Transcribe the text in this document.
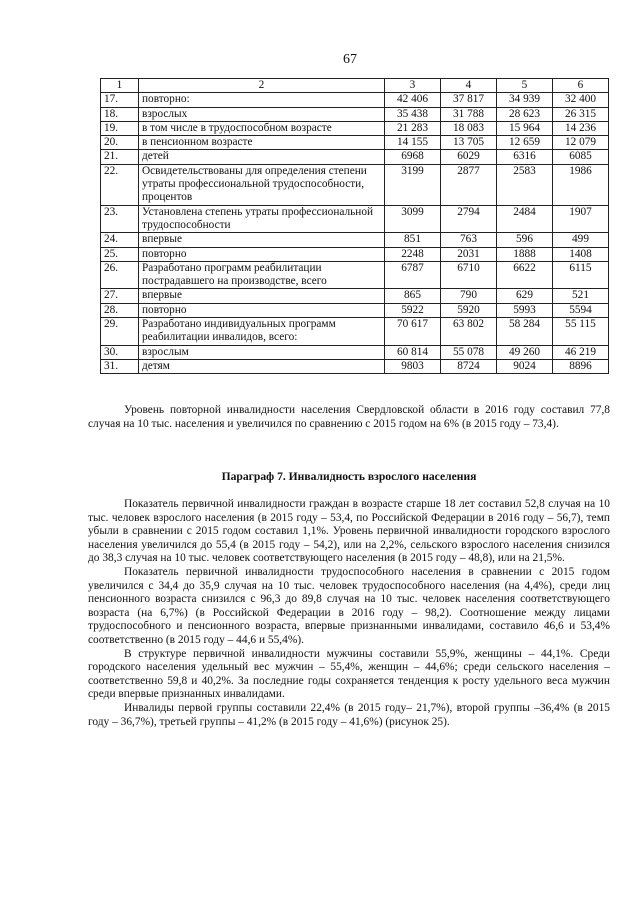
67
1	2	3	4	5	6
17.	повторно:	42 406	37 817	34 939	32 400
18.	взрослых	35 438	31 788	28 623	26 315
19.	в том числе в трудоспособном возрасте	21 283	18 083	15 964	14 236
20.	в пенсионном возрасте	14 155	13 705	12 659	12 079
21.	детей	6968	6029	6316	6085
22.	Освидетельствованы для определения степени утраты профессиональной трудоспособности, процентов	3199	2877	2583	1986
23.	Установлена степень утраты профессиональной трудоспособности	3099	2794	2484	1907
24.	впервые	851	763	596	499
25.	повторно	2248	2031	1888	1408
26.	Разработано программ реабилитации пострадавшего на производстве, всего	6787	6710	6622	6115
27.	впервые	865	790	629	521
28.	повторно	5922	5920	5993	5594
29.	Разработано индивидуальных программ реабилитации инвалидов, всего:	70 617	63 802	58 284	55 115
30.	взрослым	60 814	55 078	49 260	46 219
31.	детям	9803	8724	9024	8896

Уровень повторной инвалидности населения Свердловской области в 2016 году составил 77,8 случая на 10 тыс. населения и увеличился по сравнению с 2015 годом на 6% (в 2015 году – 73,4).

Параграф 7. Инвалидность взрослого населения

Показатель первичной инвалидности граждан в возрасте старше 18 лет составил 52,8 случая на 10 тыс. человек взрослого населения (в 2015 году – 53,4, по Российской Федерации в 2016 году – 56,7), темп убыли в сравнении с 2015 годом составил 1,1%. Уровень первичной инвалидности городского взрослого населения увеличился до 55,4 (в 2015 году – 54,2), или на 2,2%, сельского взрослого населения снизился до 38,3 случая на 10 тыс. человек соответствующего населения (в 2015 году – 48,8), или на 21,5%.

Показатель первичной инвалидности трудоспособного населения в сравнении с 2015 годом увеличился с 34,4 до 35,9 случая на 10 тыс. человек трудоспособного населения (на 4,4%), среди лиц пенсионного возраста снизился с 96,3 до 89,8 случая на 10 тыс. человек населения соответствующего возраста (на 6,7%) (в Российской Федерации в 2016 году – 98,2). Соотношение между лицами трудоспособного и пенсионного возраста, впервые признанными инвалидами, составило 46,6 и 53,4% соответственно (в 2015 году – 44,6 и 55,4%).

В структуре первичной инвалидности мужчины составили 55,9%, женщины – 44,1%. Среди городского населения удельный вес мужчин – 55,4%, женщин – 44,6%; среди сельского населения – соответственно 59,8 и 40,2%. За последние годы сохраняется тенденция к росту удельного веса мужчин среди впервые признанных инвалидами.

Инвалиды первой группы составили 22,4% (в 2015 году– 21,7%), второй группы –36,4% (в 2015 году – 36,7%), третьей группы – 41,2% (в 2015 году – 41,6%) (рисунок 25).
